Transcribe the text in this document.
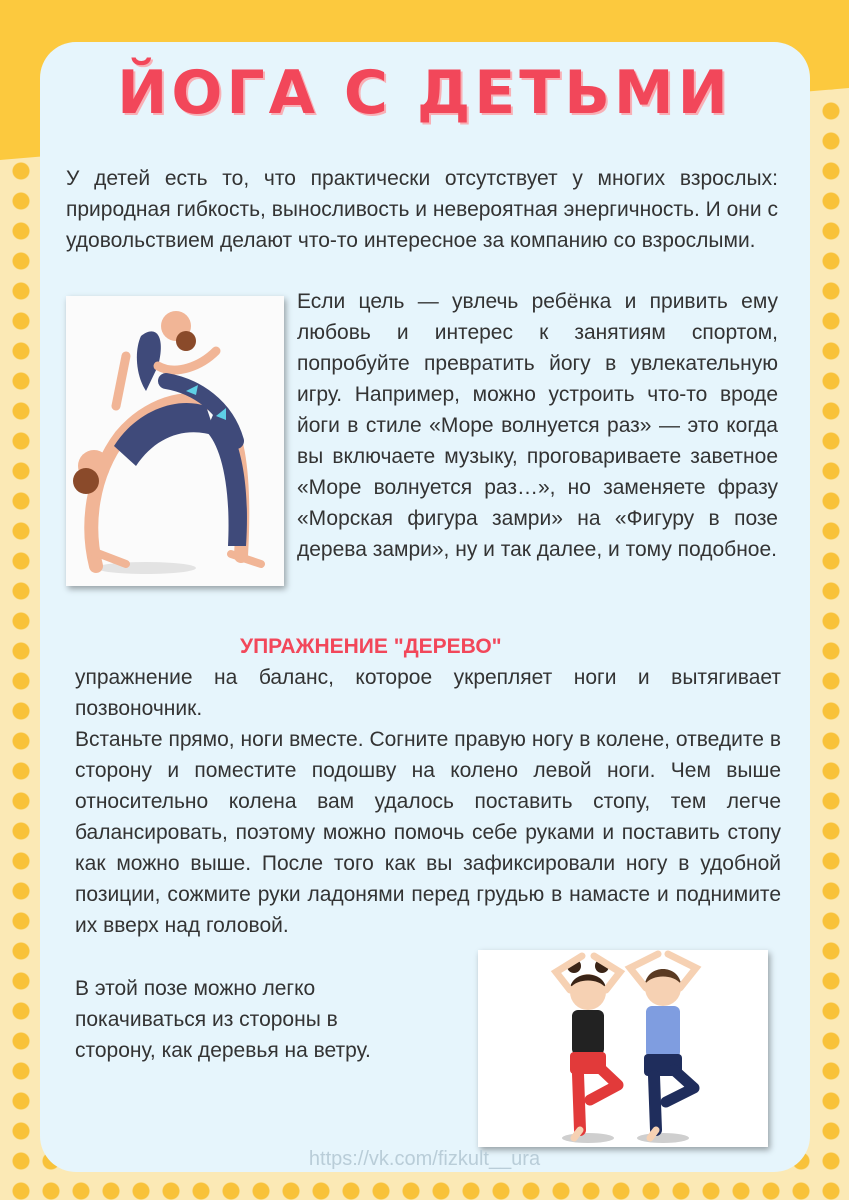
ЙОГА С ДЕТЬМИ

У детей есть то, что практически отсутствует у многих взрослых: природная гибкость, выносливость и невероятная энергичность. И они с удовольствием делают что-то интересное за компанию со взрослыми.

Если цель — увлечь ребёнка и привить ему любовь и интерес к занятиям спортом, попробуйте превратить йогу в увлекательную игру. Например, можно устроить что-то вроде йоги в стиле «Море волнуется раз» — это когда вы включаете музыку, проговариваете заветное «Море волнуется раз…», но заменяете фразу «Морская фигура замри» на «Фигуру в позе дерева замри», ну и так далее, и тому подобное.

УПРАЖНЕНИЕ "ДЕРЕВО"

упражнение на баланс, которое укрепляет ноги и вытягивает позвоночник.
Встаньте прямо, ноги вместе. Согните правую ногу в колене, отведите в сторону и поместите подошву на колено левой ноги. Чем выше относительно колена вам удалось поставить стопу, тем легче балансировать, поэтому можно помочь себе руками и поставить стопу как можно выше. После того как вы зафиксировали ногу в удобной позиции, сожмите руки ладонями перед грудью в намасте и поднимите их вверх над головой.

В этой позе можно легко покачиваться из стороны в сторону, как деревья на ветру.

https://vk.com/fizkult__ura
